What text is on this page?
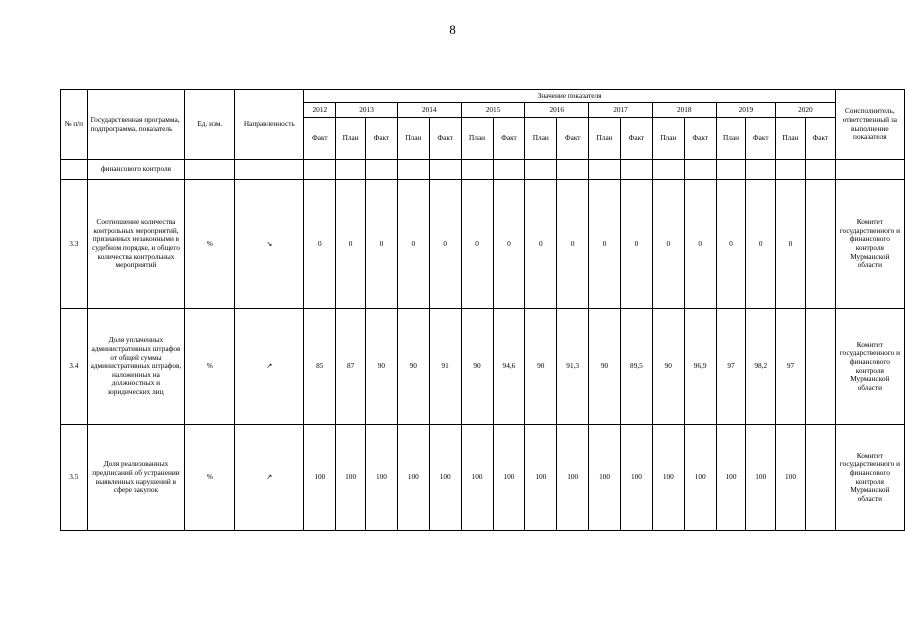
8
№ п/п	Государственная программа, подпрограмма, показатель	Ед. изм.	Направленность	Значение показателя																	Соисполнитель, ответственный за выполнение показателя
				2012	2013		2014		2015		2016		2017		2018		2019		2020		
				Факт	План	Факт	План	Факт	План	Факт	План	Факт	План	Факт	План	Факт	План	Факт	План	Факт	
	финансового контроля																				
3.3	Соотношение количества контрольных мероприятий, признанных незаконными в судебном порядке, и общего количества контрольных мероприятий	%	↘	0	0	0	0	0	0	0	0	0	0	0	0	0	0	0	0		Комитет государственного и финансового контроля Мурманской области
3.4	Доля уплаченных административных штрафов от общей суммы административных штрафов, наложенных на должностных и юридических лиц	%	↗	85	87	90	90	91	90	94,6	90	91,3	90	89,5	90	96,9	97	98,2	97		Комитет государственного и финансового контроля Мурманской области
3.5	Доля реализованных предписаний об устранении выявленных нарушений в сфере закупок	%	↗	100	100	100	100	100	100	100	100	100	100	100	100	100	100	100	100		Комитет государственного и финансового контроля Мурманской области
